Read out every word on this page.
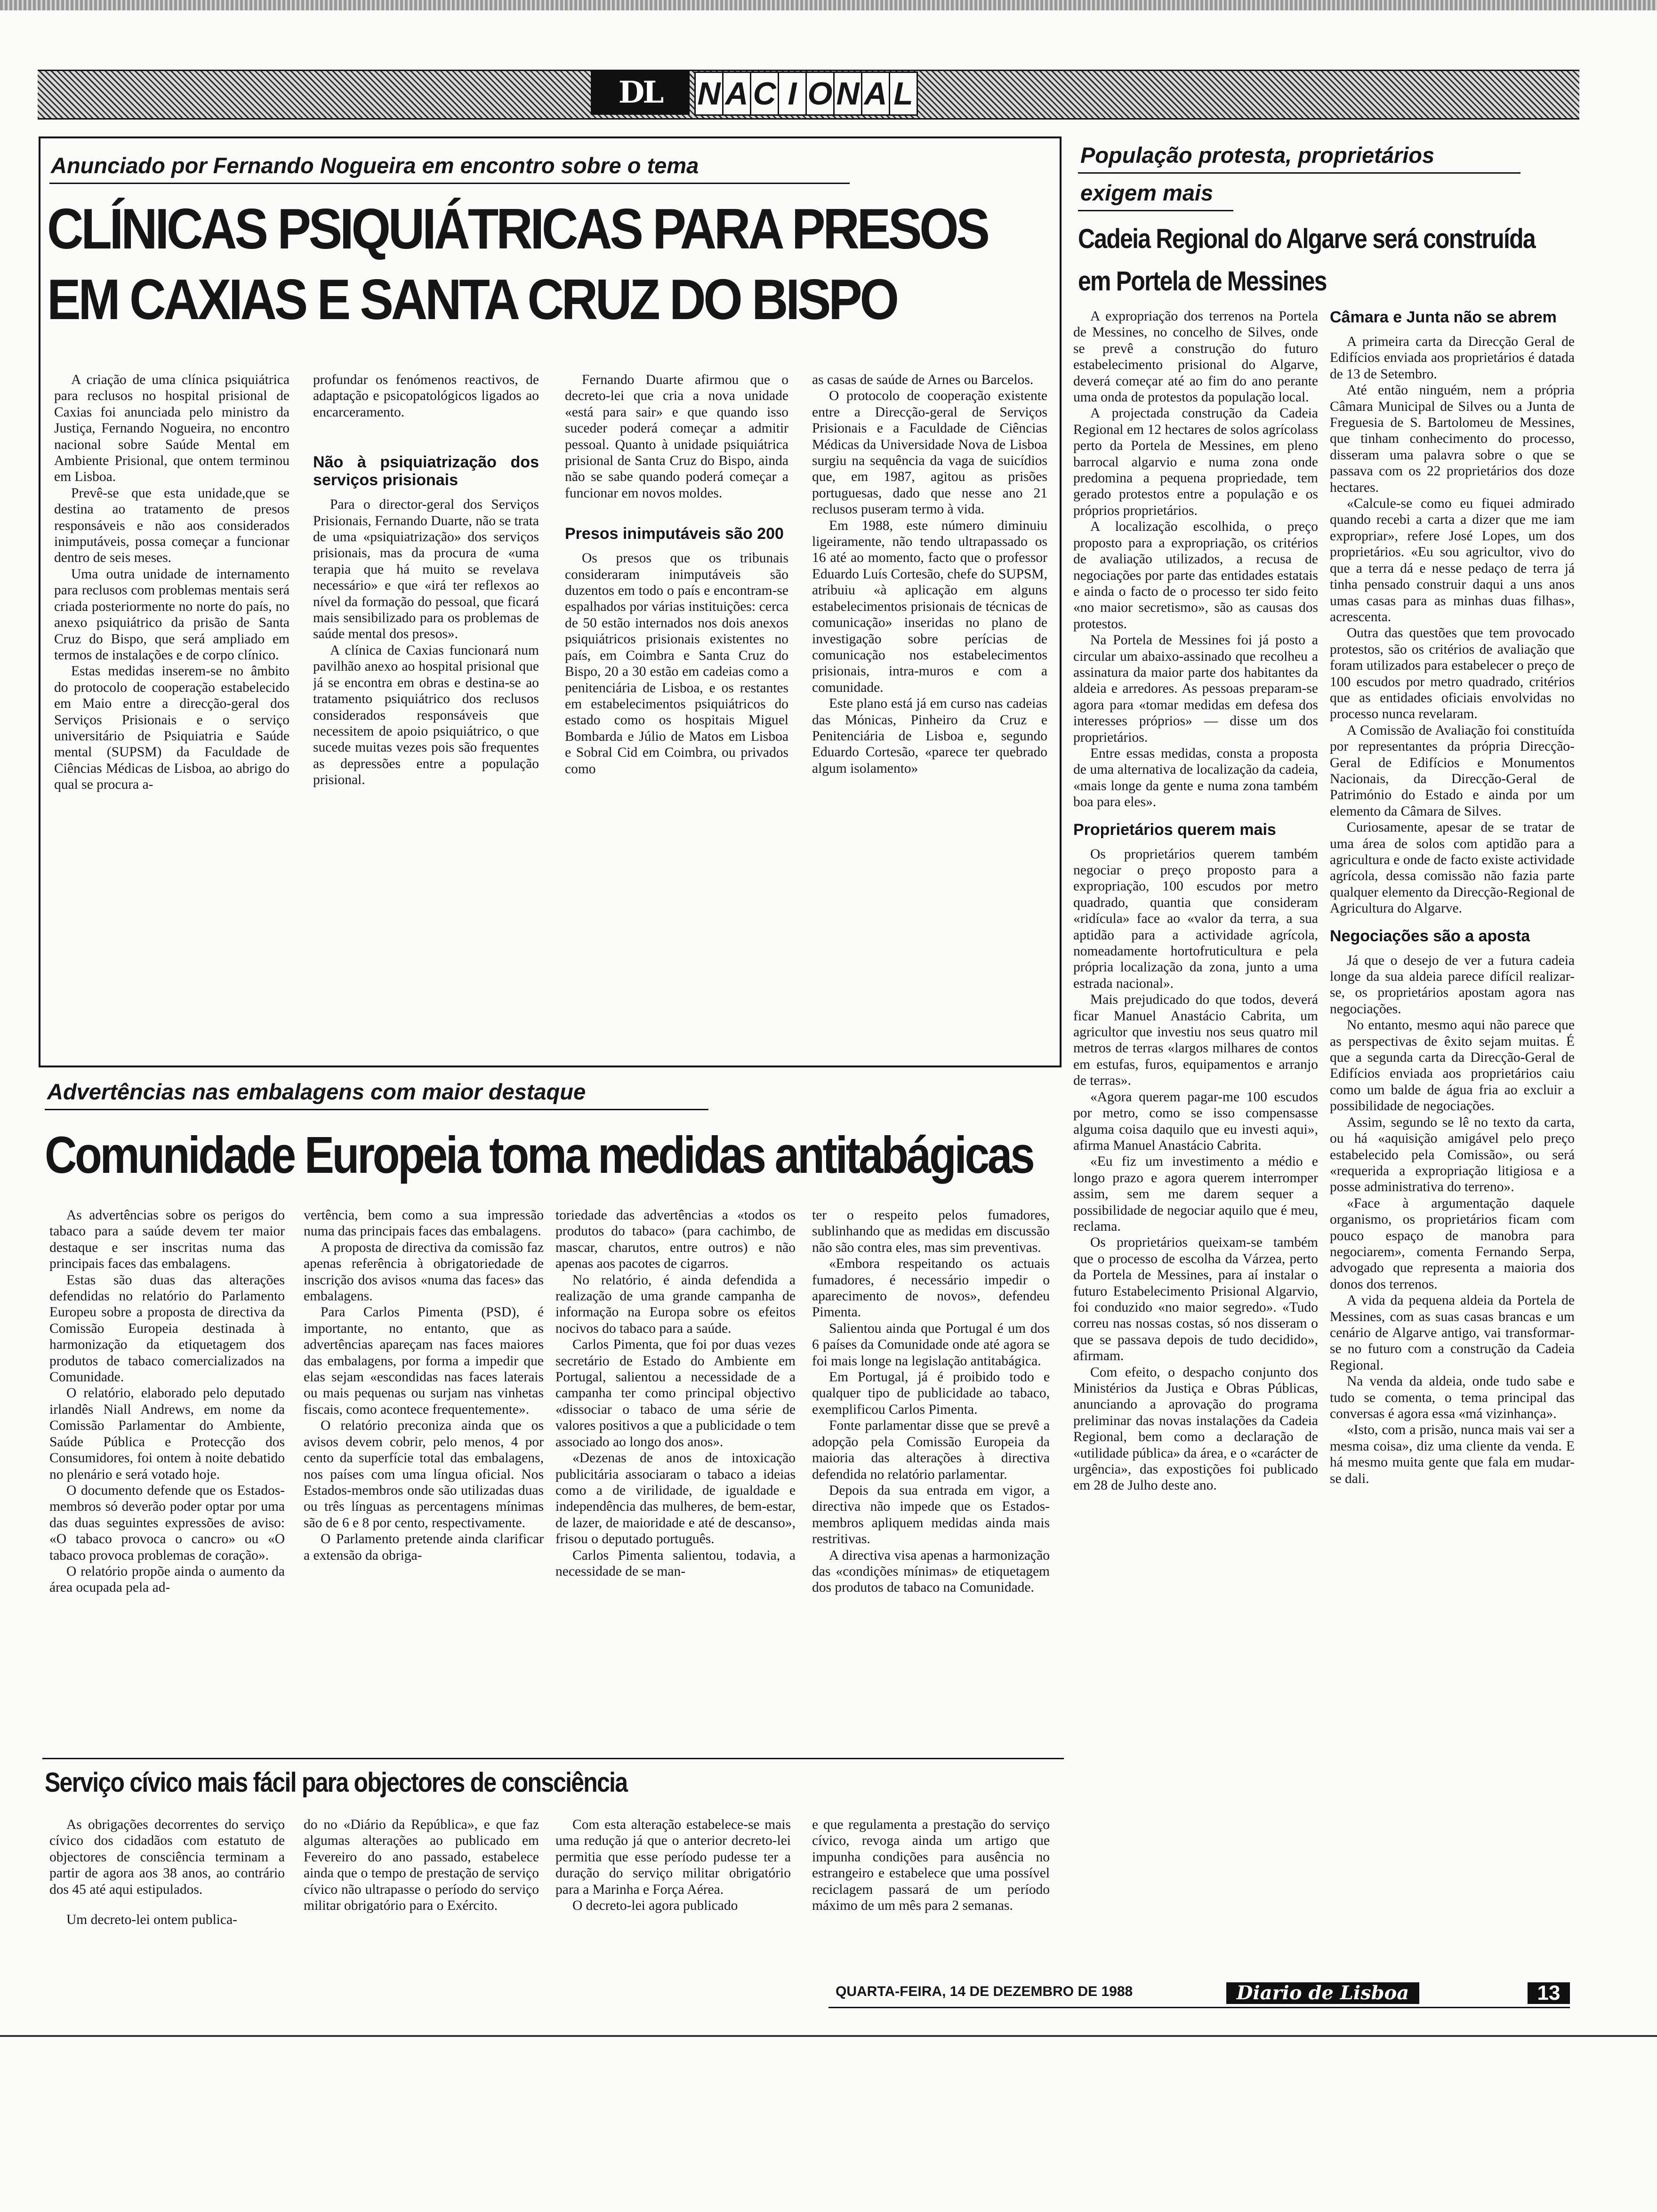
DL	N A C I O N A L
Anunciado por Fernando Nogueira em encontro sobre o tema
CLÍNICAS PSIQUIÁTRICAS PARA PRESOS
EM CAXIAS E SANTA CRUZ DO BISPO

A criação de uma clínica psiquiátrica para reclusos no hospital prisional de Caxias foi anunciada pelo ministro da Justiça, Fernando Nogueira, no encontro nacional sobre Saúde Mental em Ambiente Prisional, que ontem terminou em Lisboa.

Prevê-se que esta unidade,que se destina ao tratamento de presos responsáveis e não aos considerados inimputáveis, possa começar a funcionar dentro de seis meses.

Uma outra unidade de internamento para reclusos com problemas mentais será criada posteriormente no norte do país, no anexo psiquiátrico da prisão de Santa Cruz do Bispo, que será ampliado em termos de instalações e de corpo clínico.

Estas medidas inserem-se no âmbito do protocolo de cooperação estabelecido em Maio entre a direcção-geral dos Serviços Prisionais e o serviço universitário de Psiquiatria e Saúde mental (SUPSM) da Faculdade de Ciências Médicas de Lisboa, ao abrigo do qual se procura a-

profundar os fenómenos reactivos, de adaptação e psicopatológicos ligados ao encarceramento.

Não à psiquiatrização dos serviços prisionais

Para o director-geral dos Serviços Prisionais, Fernando Duarte, não se trata de uma «psiquiatrização» dos serviços prisionais, mas da procura de «uma terapia que há muito se revelava necessário» e que «irá ter reflexos ao nível da formação do pessoal, que ficará mais sensibilizado para os problemas de saúde mental dos presos».

A clínica de Caxias funcionará num pavilhão anexo ao hospital prisional que já se encontra em obras e destina-se ao tratamento psiquiátrico dos reclusos considerados responsáveis que necessitem de apoio psiquiátrico, o que sucede muitas vezes pois são frequentes as depressões entre a população prisional.

Fernando Duarte afirmou que o decreto-lei que cria a nova unidade «está para sair» e que quando isso suceder poderá começar a admitir pessoal. Quanto à unidade psiquiátrica prisional de Santa Cruz do Bispo, ainda não se sabe quando poderá começar a funcionar em novos moldes.

Presos inimputáveis são 200

Os presos que os tribunais consideraram inimputáveis são duzentos em todo o país e encontram-se espalhados por várias instituições: cerca de 50 estão internados nos dois anexos psiquiátricos prisionais existentes no país, em Coimbra e Santa Cruz do Bispo, 20 a 30 estão em cadeias como a penitenciária de Lisboa, e os restantes em estabelecimentos psiquiátricos do estado como os hospitais Miguel Bombarda e Júlio de Matos em Lisboa e Sobral Cid em Coimbra, ou privados como

as casas de saúde de Arnes ou Barcelos.

O protocolo de cooperação existente entre a Direcção-geral de Serviços Prisionais e a Faculdade de Ciências Médicas da Universidade Nova de Lisboa surgiu na sequência da vaga de suicídios que, em 1987, agitou as prisões portuguesas, dado que nesse ano 21 reclusos puseram termo à vida.

Em 1988, este número diminuiu ligeiramente, não tendo ultrapassado os 16 até ao momento, facto que o professor Eduardo Luís Cortesão, chefe do SUPSM, atribuiu «à aplicação em alguns estabelecimentos prisionais de técnicas de comunicação» inseridas no plano de investigação sobre perícias de comunicação nos estabelecimentos prisionais, intra-muros e com a comunidade.

Este plano está já em curso nas cadeias das Mónicas, Pinheiro da Cruz e Penitenciária de Lisboa e, segundo Eduardo Cortesão, «parece ter quebrado algum isolamento»

População protesta, proprietários
exigem mais
Cadeia Regional do Algarve será construída
em Portela de Messines

A expropriação dos terrenos na Portela de Messines, no concelho de Silves, onde se prevê a construção do futuro estabelecimento prisional do Algarve, deverá começar até ao fim do ano perante uma onda de protestos da população local.

A projectada construção da Cadeia Regional em 12 hectares de solos agrícolass perto da Portela de Messines, em pleno barrocal algarvio e numa zona onde predomina a pequena propriedade, tem gerado protestos entre a população e os próprios proprietários.

A localização escolhida, o preço proposto para a expropriação, os critérios de avaliação utilizados, a recusa de negociações por parte das entidades estatais e ainda o facto de o processo ter sido feito «no maior secretismo», são as causas dos protestos.

Na Portela de Messines foi já posto a circular um abaixo-assinado que recolheu a assinatura da maior parte dos habitantes da aldeia e arredores. As pessoas preparam-se agora para «tomar medidas em defesa dos interesses próprios» — disse um dos proprietários.

Entre essas medidas, consta a proposta de uma alternativa de localização da cadeia, «mais longe da gente e numa zona também boa para eles».

Proprietários querem mais

Os proprietários querem também negociar o preço proposto para a expropriação, 100 escudos por metro quadrado, quantia que consideram «ridícula» face ao «valor da terra, a sua aptidão para a actividade agrícola, nomeadamente hortofruticultura e pela própria localização da zona, junto a uma estrada nacional».

Mais prejudicado do que todos, deverá ficar Manuel Anastácio Cabrita, um agricultor que investiu nos seus quatro mil metros de terras «largos milhares de contos em estufas, furos, equipamentos e arranjo de terras».

«Agora querem pagar-me 100 escudos por metro, como se isso compensasse alguma coisa daquilo que eu investi aqui», afirma Manuel Anastácio Cabrita.

«Eu fiz um investimento a médio e longo prazo e agora querem interromper assim, sem me darem sequer a possibilidade de negociar aquilo que é meu, reclama.

Os proprietários queixam-se também que o processo de escolha da Várzea, perto da Portela de Messines, para aí instalar o futuro Estabelecimento Prisional Algarvio, foi conduzido «no maior segredo». «Tudo correu nas nossas costas, só nos disseram o que se passava depois de tudo decidido», afirmam.

Com efeito, o despacho conjunto dos Ministérios da Justiça e Obras Públicas, anunciando a aprovação do programa preliminar das novas instalações da Cadeia Regional, bem como a declaração de «utilidade pública» da área, e o «carácter de urgência», das expostições foi publicado em 28 de Julho deste ano.

Câmara e Junta não se abrem

A primeira carta da Direcção Geral de Edifícios enviada aos proprietários é datada de 13 de Setembro.

Até então ninguém, nem a própria Câmara Municipal de Silves ou a Junta de Freguesia de S. Bartolomeu de Messines, que tinham conhecimento do processo, disseram uma palavra sobre o que se passava com os 22 proprietários dos doze hectares.

«Calcule-se como eu fiquei admirado quando recebi a carta a dizer que me iam expropriar», refere José Lopes, um dos proprietários. «Eu sou agricultor, vivo do que a terra dá e nesse pedaço de terra já tinha pensado construir daqui a uns anos umas casas para as minhas duas filhas», acrescenta.

Outra das questões que tem provocado protestos, são os critérios de avaliação que foram utilizados para estabelecer o preço de 100 escudos por metro quadrado, critérios que as entidades oficiais envolvidas no processo nunca revelaram.

A Comissão de Avaliação foi constituída por representantes da própria Direcção-Geral de Edifícios e Monumentos Nacionais, da Direcção-Geral de Património do Estado e ainda por um elemento da Câmara de Silves.

Curiosamente, apesar de se tratar de uma área de solos com aptidão para a agricultura e onde de facto existe actividade agrícola, dessa comissão não fazia parte qualquer elemento da Direcção-Regional de Agricultura do Algarve.

Negociações são a aposta

Já que o desejo de ver a futura cadeia longe da sua aldeia parece difícil realizar-se, os proprietários apostam agora nas negociações.

No entanto, mesmo aqui não parece que as perspectivas de êxito sejam muitas. É que a segunda carta da Direcção-Geral de Edifícios enviada aos proprietários caiu como um balde de água fria ao excluir a possibilidade de negociações.

Assim, segundo se lê no texto da carta, ou há «aquisição amigável pelo preço estabelecido pela Comissão», ou será «requerida a expropriação litigiosa e a posse administrativa do terreno».

«Face à argumentação daquele organismo, os proprietários ficam com pouco espaço de manobra para negociarem», comenta Fernando Serpa, advogado que representa a maioria dos donos dos terrenos.

A vida da pequena aldeia da Portela de Messines, com as suas casas brancas e um cenário de Algarve antigo, vai transformar-se no futuro com a construção da Cadeia Regional.

Na venda da aldeia, onde tudo sabe e tudo se comenta, o tema principal das conversas é agora essa «má vizinhança».

«Isto, com a prisão, nunca mais vai ser a mesma coisa», diz uma cliente da venda. E há mesmo muita gente que fala em mudar-se dali.

Advertências nas embalagens com maior destaque
Comunidade Europeia toma medidas antitabágicas

As advertências sobre os perigos do tabaco para a saúde devem ter maior destaque e ser inscritas numa das principais faces das embalagens.

Estas são duas das alterações defendidas no relatório do Parlamento Europeu sobre a proposta de directiva da Comissão Europeia destinada à harmonização da etiquetagem dos produtos de tabaco comercializados na Comunidade.

O relatório, elaborado pelo deputado irlandês Niall Andrews, em nome da Comissão Parlamentar do Ambiente, Saúde Pública e Protecção dos Consumidores, foi ontem à noite debatido no plenário e será votado hoje.

O documento defende que os Estados-membros só deverão poder optar por uma das duas seguintes expressões de aviso: «O tabaco provoca o cancro» ou «O tabaco provoca problemas de coração».

O relatório propõe ainda o aumento da área ocupada pela ad-

vertência, bem como a sua impressão numa das principais faces das embalagens.

A proposta de directiva da comissão faz apenas referência à obrigatoriedade de inscrição dos avisos «numa das faces» das embalagens.

Para Carlos Pimenta (PSD), é importante, no entanto, que as advertências apareçam nas faces maiores das embalagens, por forma a impedir que elas sejam «escondidas nas faces laterais ou mais pequenas ou surjam nas vinhetas fiscais, como acontece frequentemente».

O relatório preconiza ainda que os avisos devem cobrir, pelo menos, 4 por cento da superfície total das embalagens, nos países com uma língua oficial. Nos Estados-membros onde são utilizadas duas ou três línguas as percentagens mínimas são de 6 e 8 por cento, respectivamente.

O Parlamento pretende ainda clarificar a extensão da obriga-

toriedade das advertências a «todos os produtos do tabaco» (para cachimbo, de mascar, charutos, entre outros) e não apenas aos pacotes de cigarros.

No relatório, é ainda defendida a realização de uma grande campanha de informação na Europa sobre os efeitos nocivos do tabaco para a saúde.

Carlos Pimenta, que foi por duas vezes secretário de Estado do Ambiente em Portugal, salientou a necessidade de a campanha ter como principal objectivo «dissociar o tabaco de uma série de valores positivos a que a publicidade o tem associado ao longo dos anos».

«Dezenas de anos de intoxicação publicitária associaram o tabaco a ideias como a de virilidade, de igualdade e independência das mulheres, de bem-estar, de lazer, de maioridade e até de descanso», frisou o deputado português.

Carlos Pimenta salientou, todavia, a necessidade de se man-

ter o respeito pelos fumadores, sublinhando que as medidas em discussão não são contra eles, mas sim preventivas.

«Embora respeitando os actuais fumadores, é necessário impedir o aparecimento de novos», defendeu Pimenta.

Salientou ainda que Portugal é um dos 6 países da Comunidade onde até agora se foi mais longe na legislação antitabágica.

Em Portugal, já é proibido todo e qualquer tipo de publicidade ao tabaco, exemplificou Carlos Pimenta.

Fonte parlamentar disse que se prevê a adopção pela Comissão Europeia da maioria das alterações à directiva defendida no relatório parlamentar.

Depois da sua entrada em vigor, a directiva não impede que os Estados- membros apliquem medidas ainda mais restritivas.

A directiva visa apenas a harmonização das «condições mínimas» de etiquetagem dos produtos de tabaco na Comunidade.

Serviço cívico mais fácil para objectores de consciência

As obrigações decorrentes do serviço cívico dos cidadãos com estatuto de objectores de consciência terminam a partir de agora aos 38 anos, ao contrário dos 45 até aqui estipulados.

Um decreto-lei ontem publica-

do no «Diário da República», e que faz algumas alterações ao publicado em Fevereiro do ano passado, estabelece ainda que o tempo de prestação de serviço cívico não ultrapasse o período do serviço militar obrigatório para o Exército.

Com esta alteração estabelece-se mais uma redução já que o anterior decreto-lei permitia que esse período pudesse ter a duração do serviço militar obrigatório para a Marinha e Força Aérea.

O decreto-lei agora publicado

e que regulamenta a prestação do serviço cívico, revoga ainda um artigo que impunha condições para ausência no estrangeiro e estabelece que uma possível reciclagem passará de um período máximo de um mês para 2 semanas.

QUARTA-FEIRA, 14 DE DEZEMBRO DE 1988	Diario de Lisboa	13
